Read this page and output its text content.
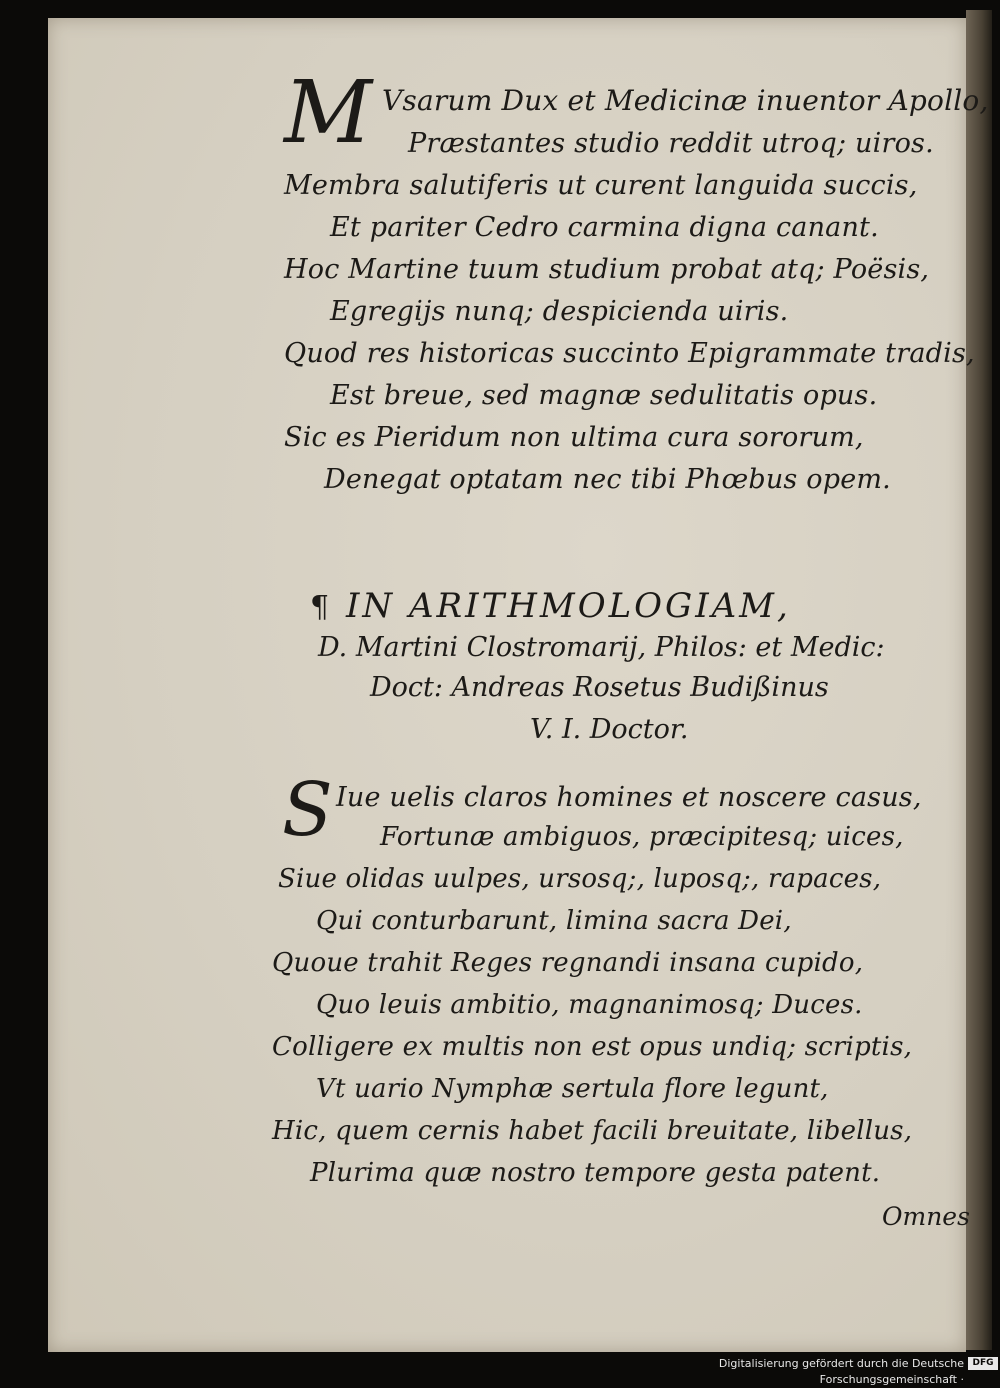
M Vsarum Dux et Medicinæ inuentor Apollo,
Præstantes studio reddit utroq; uiros.
Membra salutiferis ut curent languida succis,
Et pariter Cedro carmina digna canant.
Hoc Martine tuum studium probat atq; Poësis,
Egregijs nunq; despicienda uiris.
Quod res historicas succinto Epigrammate tradis,
Est breue, sed magnæ sedulitatis opus.
Sic es Pieridum non ultima cura sororum,
Denegat optatam nec tibi Phœbus opem.
¶ IN ARITHMOLOGIAM,
D. Martini Clostromarij, Philos: et Medic:
Doct: Andreas Rosetus Budißinus
V. I. Doctor.
S Iue uelis claros homines et noscere casus,
Fortunæ ambiguos, præcipitesq; uices,
Siue olidas uulpes, ursosq;, luposq;, rapaces,
Qui conturbarunt, limina sacra Dei,
Quoue trahit Reges regnandi insana cupido,
Quo leuis ambitio, magnanimosq; Duces.
Colligere ex multis non est opus undiq; scriptis,
Vt uario Nymphæ sertula flore legunt,
Hic, quem cernis habet facili breuitate, libellus,
Plurima quæ nostro tempore gesta patent.
Omnes
Digitalisierung gefördert durch die Deutsche Forschungsgemeinschaft ·
DFG
